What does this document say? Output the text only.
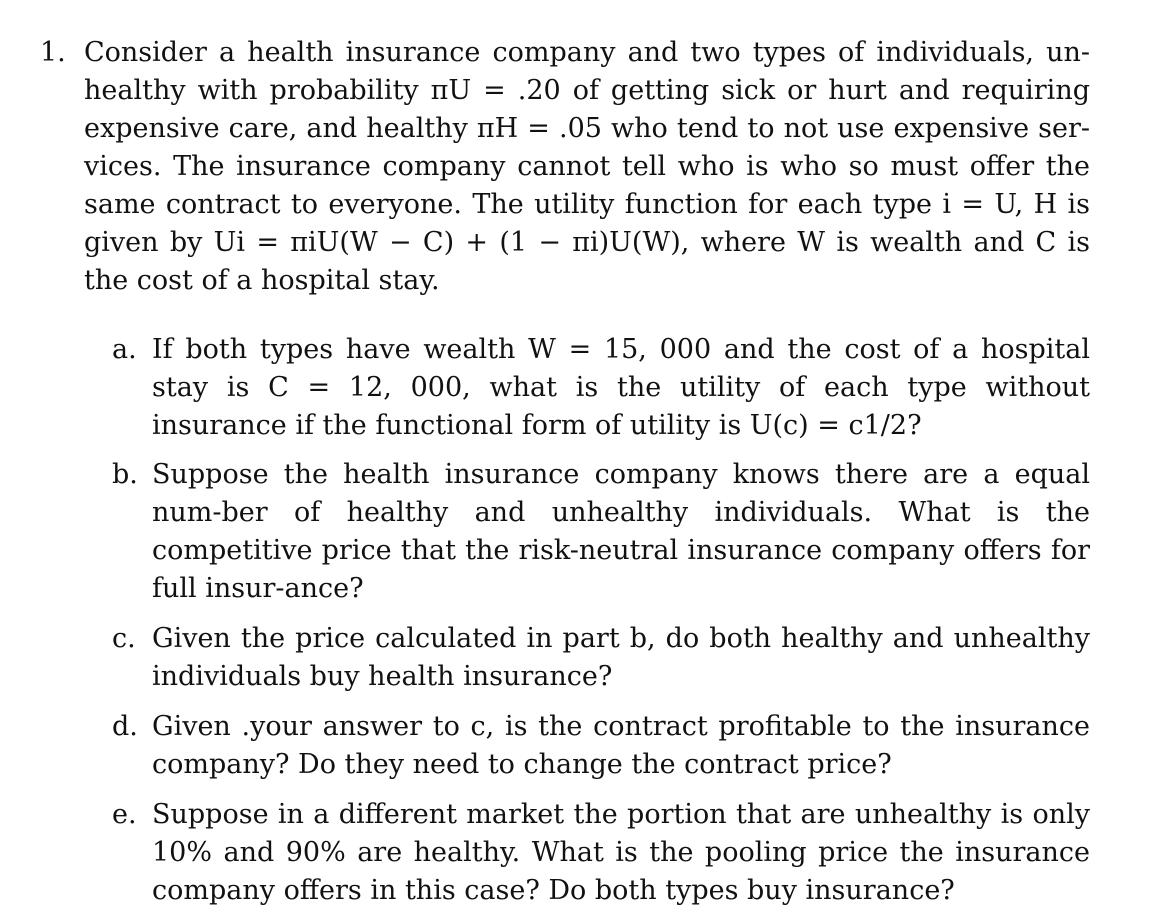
1. Consider a health insurance company and two types of individuals, un-healthy with probability πU = .20 of getting sick or hurt and requiring expensive care, and healthy πH = .05 who tend to not use expensive ser-vices. The insurance company cannot tell who is who so must offer the same contract to everyone. The utility function for each type i = U, H is given by Ui = πiU(W − C) + (1 − πi)U(W), where W is wealth and C is the cost of a hospital stay.
a. If both types have wealth W = 15, 000 and the cost of a hospital stay is C = 12, 000, what is the utility of each type without insurance if the functional form of utility is U(c) = c1/2?
b. Suppose the health insurance company knows there are a equal num-ber of healthy and unhealthy individuals. What is the competitive price that the risk-neutral insurance company offers for full insur-ance?
c. Given the price calculated in part b, do both healthy and unhealthy individuals buy health insurance?
d. Given .your answer to c, is the contract profitable to the insurance company? Do they need to change the contract price?
e. Suppose in a different market the portion that are unhealthy is only 10% and 90% are healthy. What is the pooling price the insurance company offers in this case? Do both types buy insurance?
